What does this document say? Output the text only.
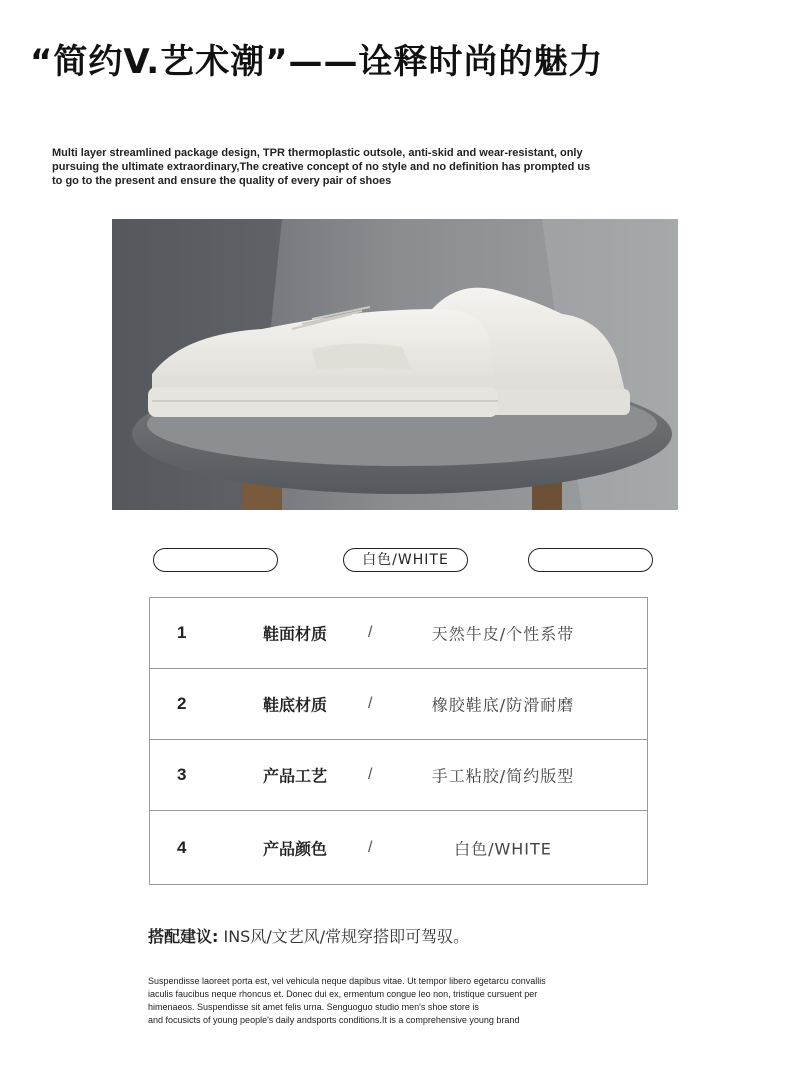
“简约V.艺术潮”——诠释时尚的魅力
Multi layer streamlined package design, TPR thermoplastic outsole, anti-skid and wear-resistant, only
pursuing the ultimate extraordinary,The creative concept of no style and no definition has prompted us
to go to the present and ensure the quality of every pair of shoes
白色/WHITE
1	鞋面材质	/	天然牛皮/个性系带
2	鞋底材质	/	橡胶鞋底/防滑耐磨
3	产品工艺	/	手工粘胶/简约版型
4	产品颜色	/	白色/WHITE
搭配建议: INS风/文艺风/常规穿搭即可驾驭。
Suspendisse laoreet porta est, vel vehicula neque dapibus vitae. Ut tempor libero egetarcu convallis
iaculis faucibus neque rhoncus et. Donec dui ex, ermentum congue leo non, tristique cursuent per
himenaeos. Suspendisse sit amet felis urna. Senguoguo studio men's shoe store is
and focusicts of young people's daily andsports conditions.It is a comprehensive young brand
